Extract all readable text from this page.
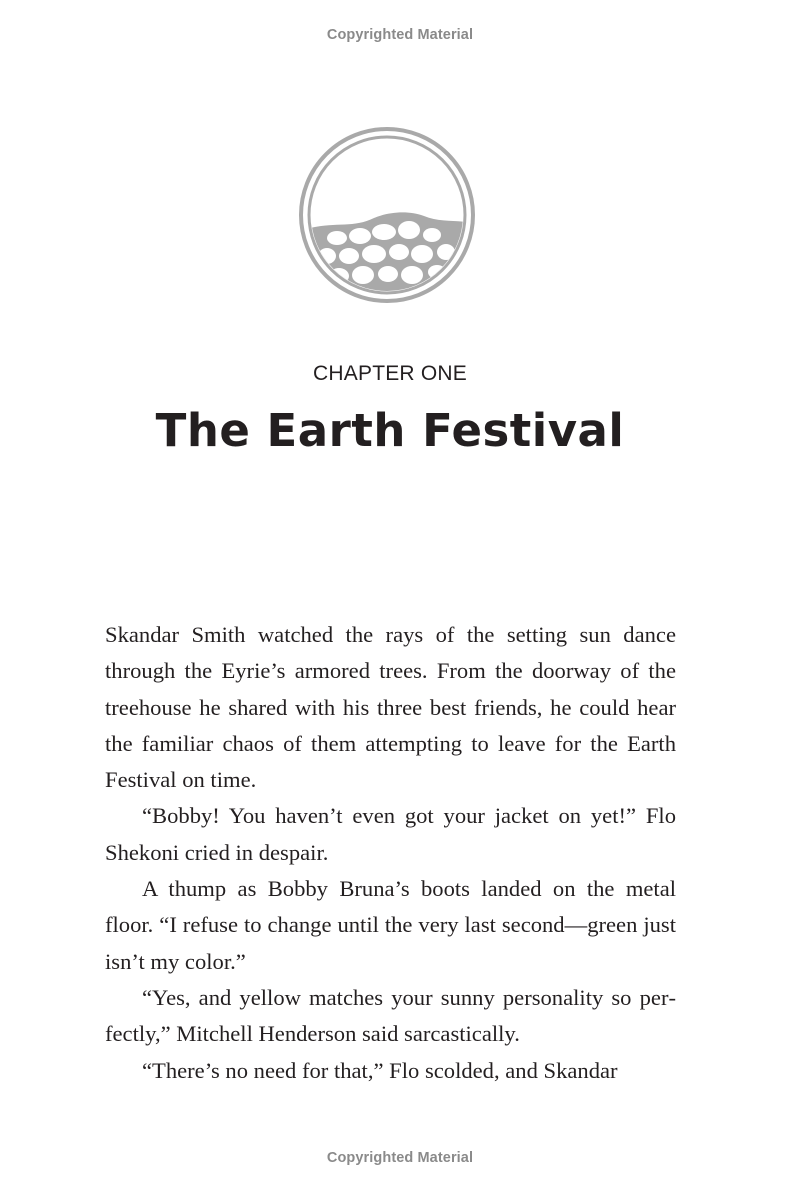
Copyrighted Material
CHAPTER ONE
The Earth Festival

Skandar Smith watched the rays of the setting sun dance through the Eyrie’s armored trees. From the doorway of the treehouse he shared with his three best friends, he could hear the familiar chaos of them attempting to leave for the Earth Festival on time.

“Bobby! You haven’t even got your jacket on yet!” Flo Shekoni cried in despair.

A thump as Bobby Bruna’s boots landed on the metal floor. “I refuse to change until the very last second—green just isn’t my color.”

“Yes, and yellow matches your sunny personality so perfectly,” Mitchell Henderson said sarcastically.

“There’s no need for that,” Flo scolded, and Skandar

Copyrighted Material
